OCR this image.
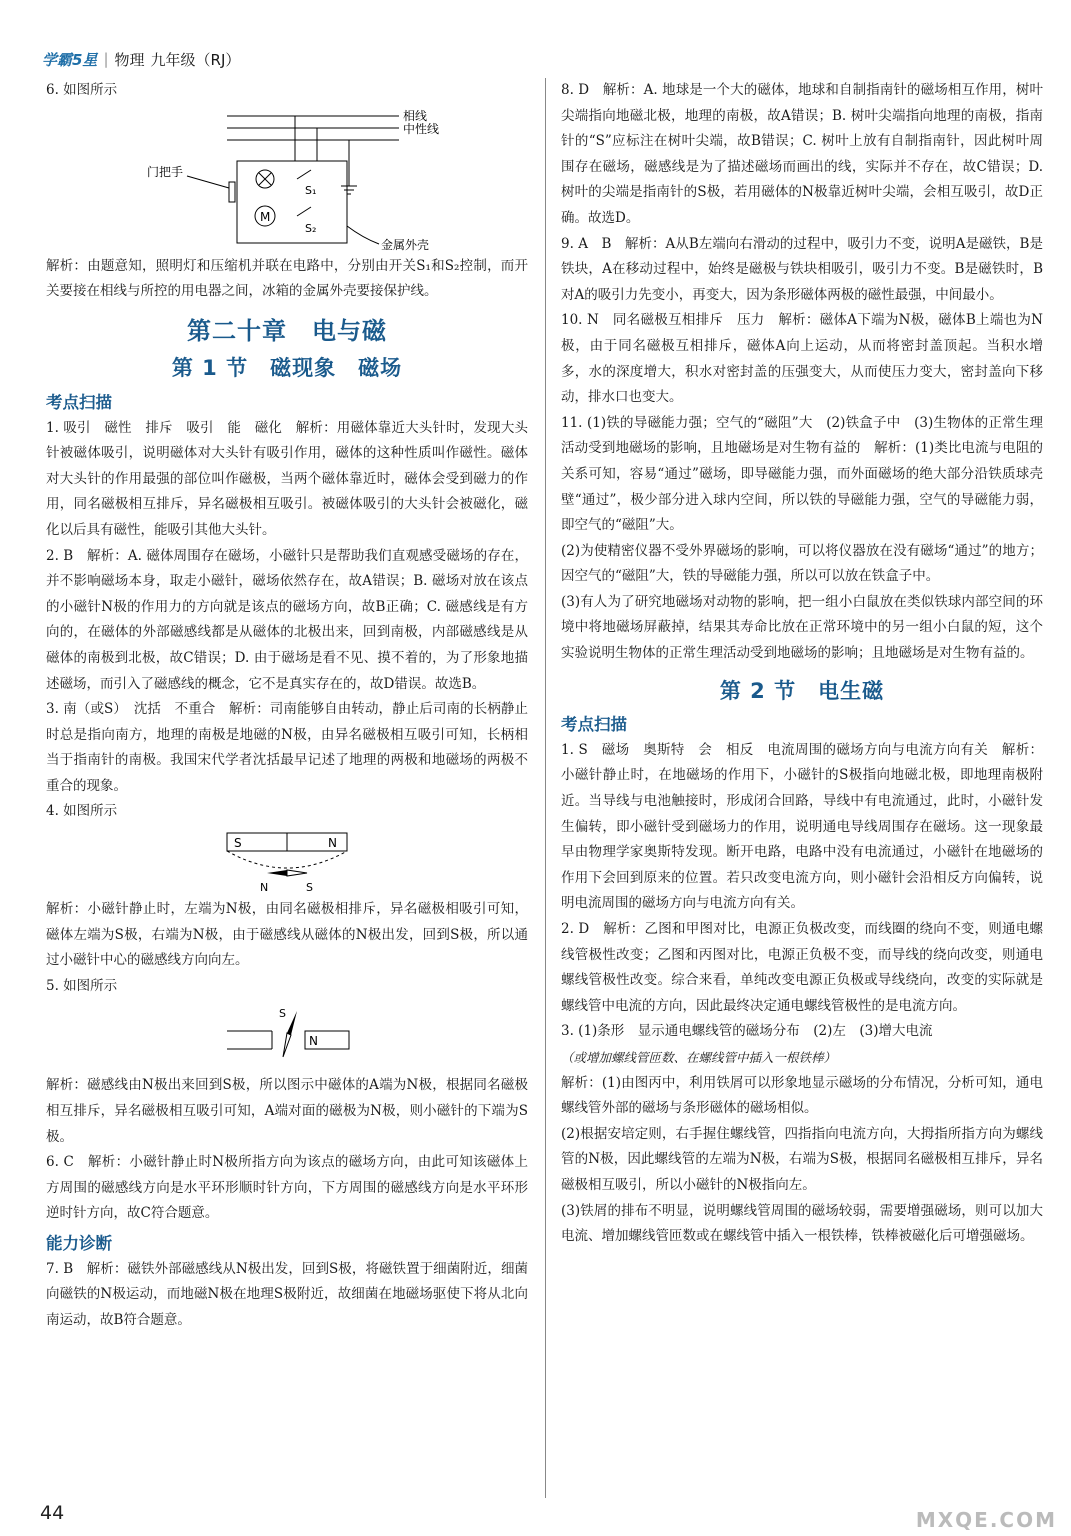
学霸5星 | 物理 九年级（RJ）

6. 如图所示

相线
中性线
M
S₁
S₂
门把手
金属外壳

解析：由题意知，照明灯和压缩机并联在电路中，分别由开关S₁和S₂控制，而开关要接在相线与所控的用电器之间，冰箱的金属外壳要接保护线。

第二十章　电与磁
第 1 节　磁现象　磁场
考点扫描

1. 吸引　磁性　排斥　吸引　能　磁化　解析：用磁体靠近大头针时，发现大头针被磁体吸引，说明磁体对大头针有吸引作用，磁体的这种性质叫作磁性。磁体对大头针的作用最强的部位叫作磁极，当两个磁体靠近时，磁体会受到磁力的作用，同名磁极相互排斥，异名磁极相互吸引。被磁体吸引的大头针会被磁化，磁化以后具有磁性，能吸引其他大头针。

2. B　解析：A. 磁体周围存在磁场，小磁针只是帮助我们直观感受磁场的存在，并不影响磁场本身，取走小磁针，磁场依然存在，故A错误；B. 磁场对放在该点的小磁针N极的作用力的方向就是该点的磁场方向，故B正确；C. 磁感线是有方向的，在磁体的外部磁感线都是从磁体的北极出来，回到南极，内部磁感线是从磁体的南极到北极，故C错误；D. 由于磁场是看不见、摸不着的，为了形象地描述磁场，而引入了磁感线的概念，它不是真实存在的，故D错误。故选B。

3. 南（或S）　沈括　不重合　解析：司南能够自由转动，静止后司南的长柄静止时总是指向南方，地理的南极是地磁的N极，由异名磁极相互吸引可知，长柄相当于指南针的南极。我国宋代学者沈括最早记述了地理的两极和地磁场的两极不重合的现象。

4. 如图所示

S	N
N	S

解析：小磁针静止时，左端为N极，由同名磁极相排斥，异名磁极相吸引可知，磁体左端为S极，右端为N极，由于磁感线从磁体的N极出发，回到S极，所以通过小磁针中心的磁感线方向向左。

5. 如图所示

S
N

解析：磁感线由N极出来回到S极，所以图示中磁体的A端为N极，根据同名磁极相互排斥，异名磁极相互吸引可知，A端对面的磁极为N极，则小磁针的下端为S极。

6. C　解析：小磁针静止时N极所指方向为该点的磁场方向，由此可知该磁体上方周围的磁感线方向是水平环形顺时针方向，下方周围的磁感线方向是水平环形逆时针方向，故C符合题意。

能力诊断

7. B　解析：磁铁外部磁感线从N极出发，回到S极，将磁铁置于细菌附近，细菌向磁铁的N极运动，而地磁N极在地理S极附近，故细菌在地磁场驱使下将从北向南运动，故B符合题意。

8. D　解析：A. 地球是一个大的磁体，地球和自制指南针的磁场相互作用，树叶尖端指向地磁北极，地理的南极，故A错误；B. 树叶尖端指向地理的南极，指南针的“S”应标注在树叶尖端，故B错误；C. 树叶上放有自制指南针，因此树叶周围存在磁场，磁感线是为了描述磁场而画出的线，实际并不存在，故C错误；D. 树叶的尖端是指南针的S极，若用磁体的N极靠近树叶尖端，会相互吸引，故D正确。故选D。

9. A　B　解析：A从B左端向右滑动的过程中，吸引力不变，说明A是磁铁，B是铁块，A在移动过程中，始终是磁极与铁块相吸引，吸引力不变。B是磁铁时，B对A的吸引力先变小，再变大，因为条形磁体两极的磁性最强，中间最小。

10. N　同名磁极互相排斥　压力　解析：磁体A下端为N极，磁体B上端也为N极，由于同名磁极互相排斥，磁体A向上运动，从而将密封盖顶起。当积水增多，水的深度增大，积水对密封盖的压强变大，从而使压力变大，密封盖向下移动，排水口也变大。

11. (1)铁的导磁能力强；空气的“磁阻”大　(2)铁盒子中　(3)生物体的正常生理活动受到地磁场的影响，且地磁场是对生物有益的　解析：(1)类比电流与电阻的关系可知，容易“通过”磁场，即导磁能力强，而外面磁场的绝大部分沿铁质球壳壁“通过”，极少部分进入球内空间，所以铁的导磁能力强，空气的导磁能力弱，即空气的“磁阻”大。

(2)为使精密仪器不受外界磁场的影响，可以将仪器放在没有磁场“通过”的地方；因空气的“磁阻”大，铁的导磁能力强，所以可以放在铁盒子中。

(3)有人为了研究地磁场对动物的影响，把一组小白鼠放在类似铁球内部空间的环境中将地磁场屏蔽掉，结果其寿命比放在正常环境中的另一组小白鼠的短，这个实验说明生物体的正常生理活动受到地磁场的影响；且地磁场是对生物有益的。

第 2 节　电生磁
考点扫描

1. S　磁场　奥斯特　会　相反　电流周围的磁场方向与电流方向有关　解析：小磁针静止时，在地磁场的作用下，小磁针的S极指向地磁北极，即地理南极附近。当导线与电池触接时，形成闭合回路，导线中有电流通过，此时，小磁针发生偏转，即小磁针受到磁场力的作用，说明通电导线周围存在磁场。这一现象最早由物理学家奥斯特发现。断开电路，电路中没有电流通过，小磁针在地磁场的作用下会回到原来的位置。若只改变电流方向，则小磁针会沿相反方向偏转，说明电流周围的磁场方向与电流方向有关。

2. D　解析：乙图和甲图对比，电源正负极改变，而线圈的绕向不变，则通电螺线管极性改变；乙图和丙图对比，电源正负极不变，而导线的绕向改变，则通电螺线管极性改变。综合来看，单纯改变电源正负极或导线绕向，改变的实际就是螺线管中电流的方向，因此最终决定通电螺线管极性的是电流方向。

3. (1)条形　显示通电螺线管的磁场分布　(2)左　(3)增大电流

（或增加螺线管匝数、在螺线管中插入一根铁棒）

解析：(1)由图丙中，利用铁屑可以形象地显示磁场的分布情况，分析可知，通电螺线管外部的磁场与条形磁体的磁场相似。

(2)根据安培定则，右手握住螺线管，四指指向电流方向，大拇指所指方向为螺线管的N极，因此螺线管的左端为N极，右端为S极，根据同名磁极相互排斥，异名磁极相互吸引，所以小磁针的N极指向左。

(3)铁屑的排布不明显，说明螺线管周围的磁场较弱，需要增强磁场，则可以加大电流、增加螺线管匝数或在螺线管中插入一根铁棒，铁棒被磁化后可增强磁场。

44	MXQE.COM
